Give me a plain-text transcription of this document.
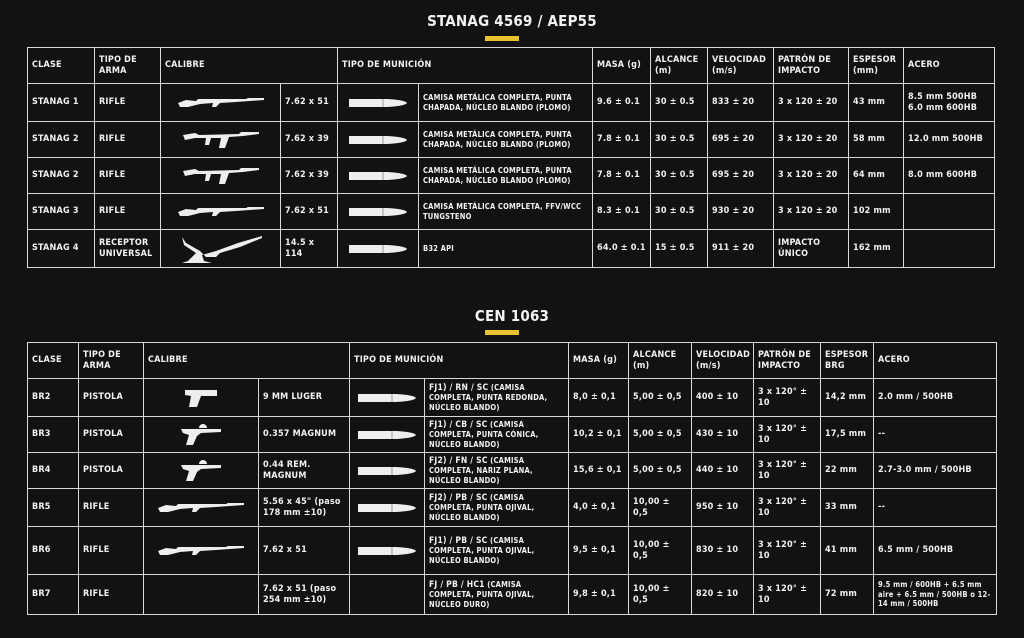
STANAG 4569 / AEP55
CLASE	TIPO DE ARMA	CALIBRE		TIPO DE MUNICIÓN		MASA (g)	ALCANCE (m)	VELOCIDAD (m/s)	PATRÓN DE IMPACTO	ESPESOR (mm)	ACERO
STANAG 1	RIFLE		7.62 x 51		CAMISA METÁLICA COMPLETA, PUNTA CHAPADA, NÚCLEO BLANDO (PLOMO)	9.6 ± 0.1	30 ± 0.5	833 ± 20	3 x 120 ± 20	43 mm	8.5 mm 500HB
6.0 mm 600HB
STANAG 2	RIFLE		7.62 x 39		CAMISA METÁLICA COMPLETA, PUNTA CHAPADA, NÚCLEO BLANDO (PLOMO)	7.8 ± 0.1	30 ± 0.5	695 ± 20	3 x 120 ± 20	58 mm	12.0 mm 500HB
STANAG 2	RIFLE		7.62 x 39		CAMISA METÁLICA COMPLETA, PUNTA CHAPADA, NÚCLEO BLANDO (PLOMO)	7.8 ± 0.1	30 ± 0.5	695 ± 20	3 x 120 ± 20	64 mm	8.0 mm 600HB
STANAG 3	RIFLE		7.62 x 51		CAMISA METÁLICA COMPLETA, FFV/WCC TUNGSTENO	8.3 ± 0.1	30 ± 0.5	930 ± 20	3 x 120 ± 20	102 mm	
STANAG 4	RECEPTOR UNIVERSAL		14.5 x 114		B32 API	64.0 ± 0.1	15 ± 0.5	911 ± 20	IMPACTO ÚNICO	162 mm	
CEN 1063
CLASE	TIPO DE ARMA	CALIBRE		TIPO DE MUNICIÓN		MASA (g)	ALCANCE (m)	VELOCIDAD (m/s)	PATRÓN DE IMPACTO	ESPESOR BRG	ACERO
BR2	PISTOLA		9 MM LUGER		FJ1) / RN / SC (CAMISA COMPLETA, PUNTA REDONDA, NÚCLEO BLANDO)	8,0 ± 0,1	5,00 ± 0,5	400 ± 10	3 x 120° ± 10	14,2 mm	2.0 mm / 500HB
BR3	PISTOLA		0.357 MAGNUM		FJ1) / CB / SC (CAMISA COMPLETA, PUNTA CÓNICA, NÚCLEO BLANDO)	10,2 ± 0,1	5,00 ± 0,5	430 ± 10	3 x 120° ± 10	17,5 mm	--
BR4	PISTOLA		0.44 REM. MAGNUM		FJ2) / FN / SC (CAMISA COMPLETA, NARIZ PLANA, NÚCLEO BLANDO)	15,6 ± 0,1	5,00 ± 0,5	440 ± 10	3 x 120° ± 10	22 mm	2.7-3.0 mm / 500HB
BR5	RIFLE		5.56 x 45" (paso 178 mm ±10)		FJ2) / PB / SC (CAMISA COMPLETA, PUNTA OJIVAL, NÚCLEO BLANDO)	4,0 ± 0,1	10,00 ± 0,5	950 ± 10	3 x 120° ± 10	33 mm	--
BR6	RIFLE		7.62 x 51		FJ1) / PB / SC (CAMISA COMPLETA, PUNTA OJIVAL, NÚCLEO BLANDO)	9,5 ± 0,1	10,00 ± 0,5	830 ± 10	3 x 120° ± 10	41 mm	6.5 mm / 500HB
BR7	RIFLE		7.62 x 51 (paso 254 mm ±10)		FJ / PB / HC1 (CAMISA COMPLETA, PUNTA OJIVAL, NÚCLEO DURO)	9,8 ± 0,1	10,00 ± 0,5	820 ± 10	3 x 120° ± 10	72 mm	9.5 mm / 600HB + 6.5 mm aire + 6.5 mm / 500HB o 12-14 mm / 500HB
